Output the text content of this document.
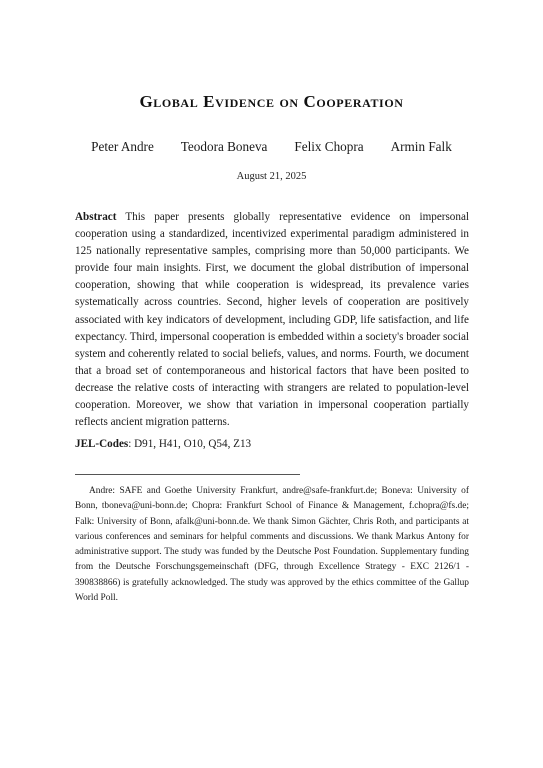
Global Evidence on Cooperation
Peter Andre Teodora Boneva Felix Chopra Armin Falk
August 21, 2025
Abstract This paper presents globally representative evidence on impersonal cooperation using a standardized, incentivized experimental paradigm administered in 125 nationally representative samples, comprising more than 50,000 participants. We provide four main insights. First, we document the global distribution of impersonal cooperation, showing that while cooperation is widespread, its prevalence varies systematically across countries. Second, higher levels of cooperation are positively associated with key indicators of development, including GDP, life satisfaction, and life expectancy. Third, impersonal cooperation is embedded within a society's broader social system and coherently related to social beliefs, values, and norms. Fourth, we document that a broad set of contemporaneous and historical factors that have been posited to decrease the relative costs of interacting with strangers are related to population-level cooperation. Moreover, we show that variation in impersonal cooperation partially reflects ancient migration patterns.
JEL-Codes: D91, H41, O10, Q54, Z13
Andre: SAFE and Goethe University Frankfurt, andre@safe-frankfurt.de; Boneva: University of Bonn, tboneva@uni-bonn.de; Chopra: Frankfurt School of Finance & Management, f.chopra@fs.de; Falk: University of Bonn, afalk@uni-bonn.de. We thank Simon Gächter, Chris Roth, and participants at various conferences and seminars for helpful comments and discussions. We thank Markus Antony for administrative support. The study was funded by the Deutsche Post Foundation. Supplementary funding from the Deutsche Forschungsgemeinschaft (DFG, through Excellence Strategy - EXC 2126/1 - 390838866) is gratefully acknowledged. The study was approved by the ethics committee of the Gallup World Poll.
